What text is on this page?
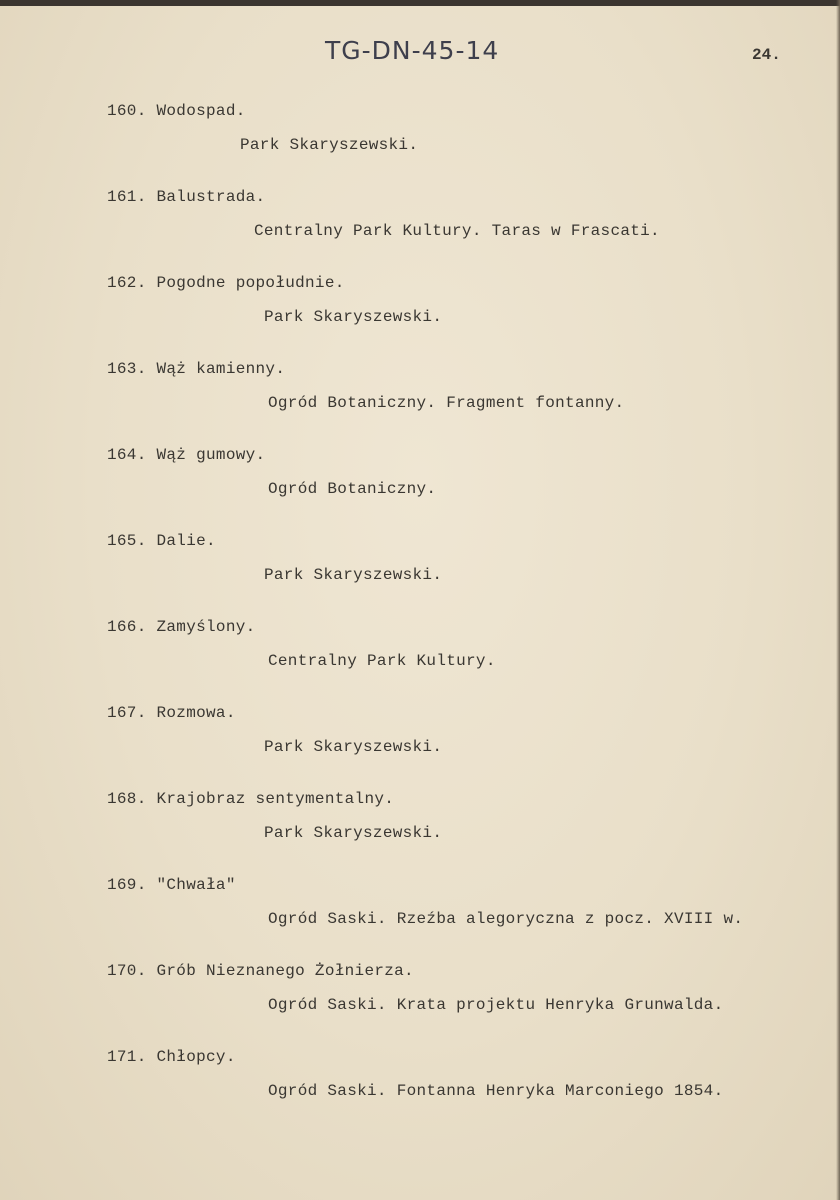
TG-DN-45-14	24.
160. Wodospad.
Park Skaryszewski.
161. Balustrada.
Centralny Park Kultury. Taras w Frascati.
162. Pogodne popołudnie.
Park Skaryszewski.
163. Wąż kamienny.
Ogród Botaniczny. Fragment fontanny.
164. Wąż gumowy.
Ogród Botaniczny.
165. Dalie.
Park Skaryszewski.
166. Zamyślony.
Centralny Park Kultury.
167. Rozmowa.
Park Skaryszewski.
168. Krajobraz sentymentalny.
Park Skaryszewski.
169. "Chwała"
Ogród Saski. Rzeźba alegoryczna z pocz. XVIII w.
170. Grób Nieznanego Żołnierza.
Ogród Saski. Krata projektu Henryka Grunwalda.
171. Chłopcy.
Ogród Saski. Fontanna Henryka Marconiego 1854.
